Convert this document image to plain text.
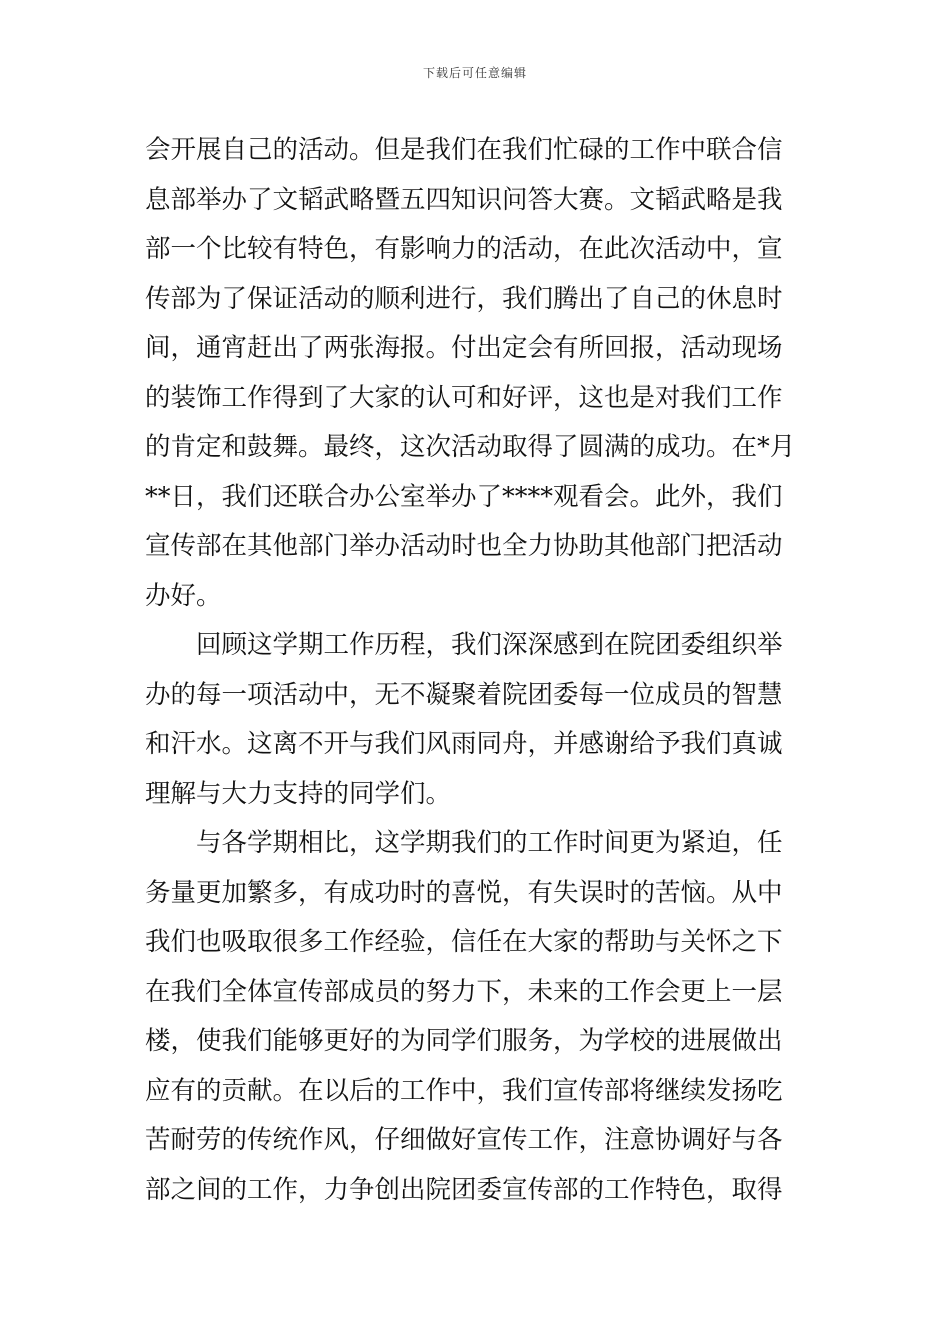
下载后可任意编辑
会开展自己的活动。但是我们在我们忙碌的工作中联合信
息部举办了文韬武略暨五四知识问答大赛。文韬武略是我
部一个比较有特色，有影响力的活动，在此次活动中，宣
传部为了保证活动的顺利进行，我们腾出了自己的休息时
间，通宵赶出了两张海报。付出定会有所回报，活动现场
的装饰工作得到了大家的认可和好评，这也是对我们工作
的肯定和鼓舞。最终，这次活动取得了圆满的成功。在*月
**日，我们还联合办公室举办了****观看会。此外，我们
宣传部在其他部门举办活动时也全力协助其他部门把活动
办好。
回顾这学期工作历程，我们深深感到在院团委组织举
办的每一项活动中，无不凝聚着院团委每一位成员的智慧
和汗水。这离不开与我们风雨同舟，并感谢给予我们真诚
理解与大力支持的同学们。
与各学期相比，这学期我们的工作时间更为紧迫，任
务量更加繁多，有成功时的喜悦，有失误时的苦恼。从中
我们也吸取很多工作经验，信任在大家的帮助与关怀之下
在我们全体宣传部成员的努力下，未来的工作会更上一层
楼，使我们能够更好的为同学们服务，为学校的进展做出
应有的贡献。在以后的工作中，我们宣传部将继续发扬吃
苦耐劳的传统作风，仔细做好宣传工作，注意协调好与各
部之间的工作，力争创出院团委宣传部的工作特色，取得
